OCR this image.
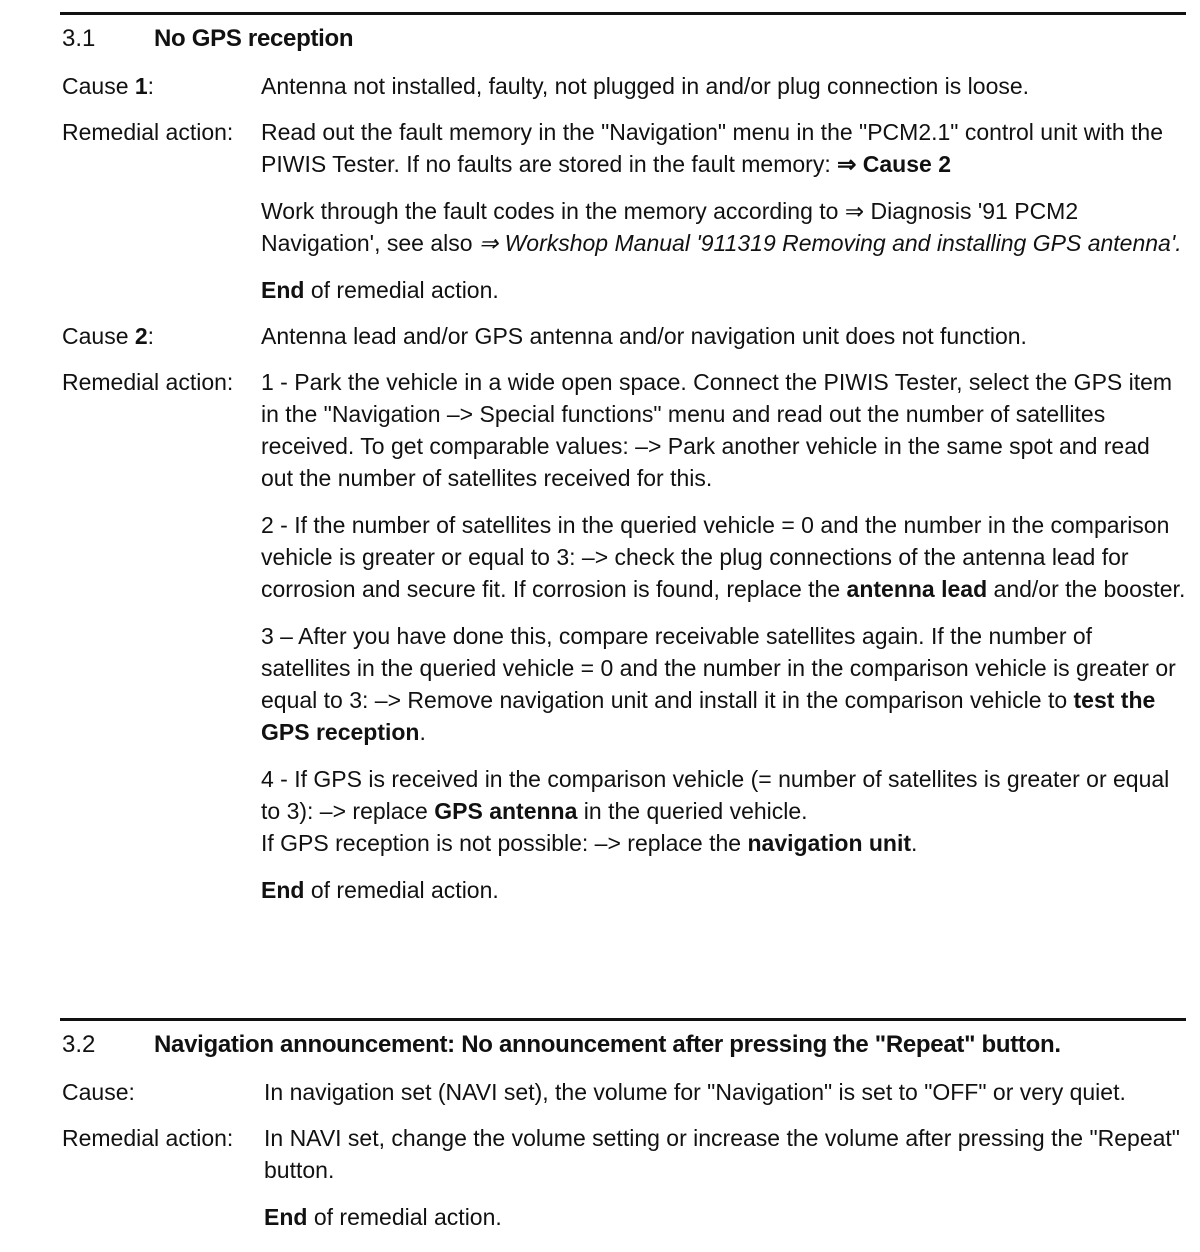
3.1	No GPS reception
Cause 1:	Antenna not installed, faulty, not plugged in and/or plug connection is loose.
Remedial action:	Read out the fault memory in the "Navigation" menu in the "PCM2.1" control unit with the PIWIS Tester. If no faults are stored in the fault memory: ⇒ Cause 2

Work through the fault codes in the memory according to ⇒ Diagnosis '91 PCM2 Navigation', see also ⇒ Workshop Manual '911319 Removing and installing GPS antenna'.

End of remedial action.

Cause 2:	Antenna lead and/or GPS antenna and/or navigation unit does not function.
Remedial action:	1 - Park the vehicle in a wide open space. Connect the PIWIS Tester, select the GPS item in the "Navigation –> Special functions" menu and read out the number of satellites received. To get comparable values: –> Park another vehicle in the same spot and read out the number of satellites received for this.

2 - If the number of satellites in the queried vehicle = 0 and the number in the comparison vehicle is greater or equal to 3: –> check the plug connections of the antenna lead for corrosion and secure fit. If corrosion is found, replace the antenna lead and/or the booster.

3 – After you have done this, compare receivable satellites again. If the number of satellites in the queried vehicle = 0 and the number in the comparison vehicle is greater or equal to 3: –> Remove navigation unit and install it in the comparison vehicle to test the GPS reception.

4 - If GPS is received in the comparison vehicle (= number of satellites is greater or equal to 3): –> replace GPS antenna in the queried vehicle.
If GPS reception is not possible: –> replace the navigation unit.

End of remedial action.

3.2	Navigation announcement: No announcement after pressing the "Repeat" button.
Cause:	In navigation set (NAVI set), the volume for "Navigation" is set to "OFF" or very quiet.
Remedial action:	In NAVI set, change the volume setting or increase the volume after pressing the "Repeat" button.

End of remedial action.
